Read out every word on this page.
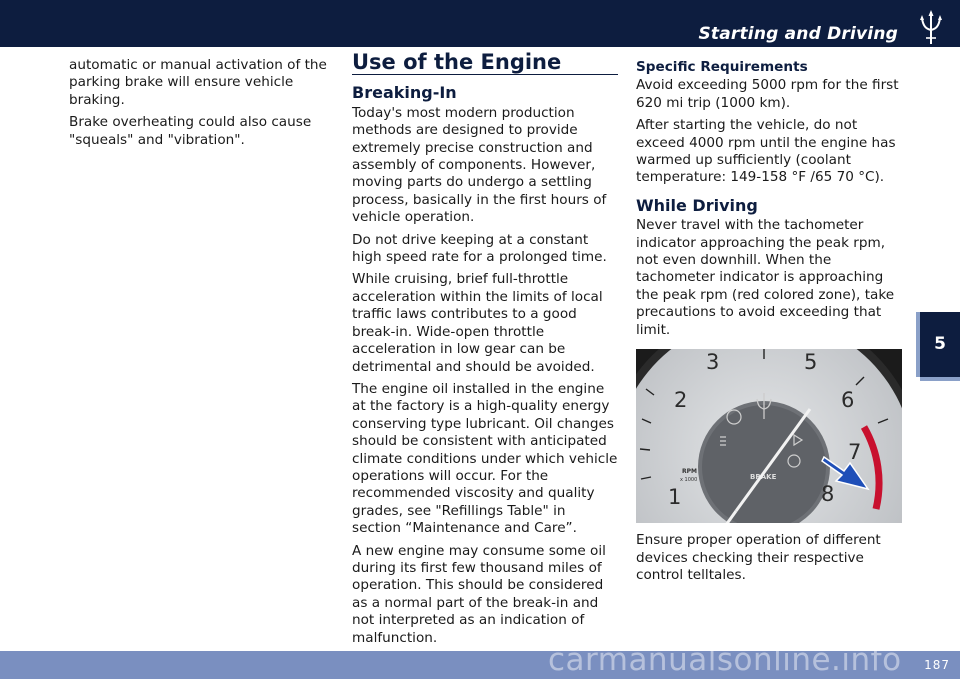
Starting and Driving
5

automatic or manual activation of the parking brake will ensure vehicle braking.

Brake overheating could also cause "squeals" and "vibration".

Use of the Engine
Breaking-In

Today's most modern production methods are designed to provide extremely precise construction and assembly of components. However, moving parts do undergo a settling process, basically in the first hours of vehicle operation.

Do not drive keeping at a constant high speed rate for a prolonged time.

While cruising, brief full-throttle acceleration within the limits of local traffic laws contributes to a good break-in. Wide-open throttle acceleration in low gear can be detrimental and should be avoided.

The engine oil installed in the engine at the factory is a high-quality energy conserving type lubricant. Oil changes should be consistent with anticipated climate conditions under which vehicle operations will occur. For the recommended viscosity and quality grades, see "Refillings Table" in section “Maintenance and Care”.

A new engine may consume some oil during its first few thousand miles of operation. This should be considered as a normal part of the break-in and not interpreted as an indication of malfunction.

Specific Requirements

Avoid exceeding 5000 rpm for the first 620 mi trip (1000 km).

After starting the vehicle, do not exceed 4000 rpm until the engine has warmed up sufficiently (coolant temperature: 149-158 °F /65 70 °C).

While Driving

Never travel with the tachometer indicator approaching the peak rpm, not even downhill. When the tachometer indicator is approaching the peak rpm (red colored zone), take precautions to avoid exceeding that limit.

1
2
3	5
6
7
8
RPM
x 1000	BRAKE

Ensure proper operation of different devices checking their respective control telltales.

carmanualsonline.info 187
